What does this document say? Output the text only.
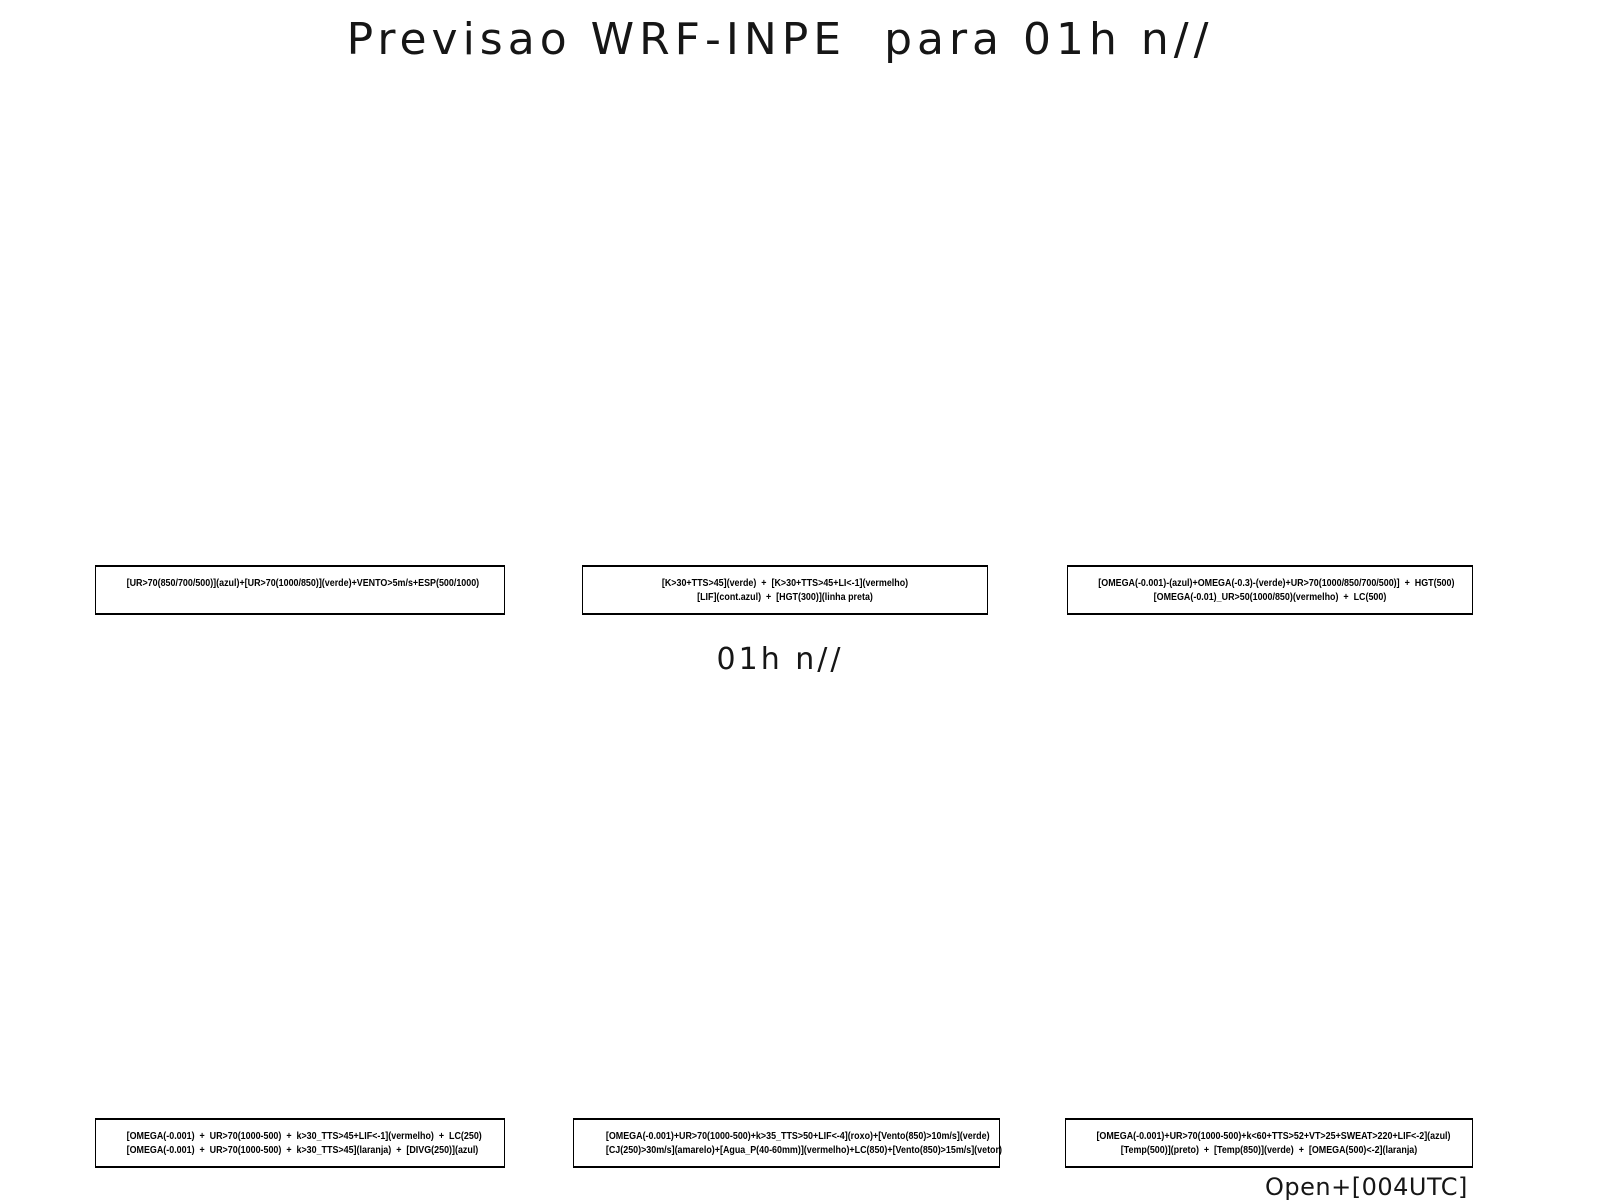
Previsao WRF-INPE  para 01h n//
[UR>70(850/700/500)](azul)+[UR>70(1000/850)](verde)+VENTO>5m/s+ESP(500/1000)	[K>30+TTS>45](verde)  +  [K>30+TTS>45+LI<-1](vermelho)
[LIF](cont.azul)  +  [HGT(300)](linha preta)
[OMEGA(-0.001)-(azul)+OMEGA(-0.3)-(verde)+UR>70(1000/850/700/500)]  +  HGT(500)
[OMEGA(-0.01)_UR>50(1000/850)(vermelho)  +  LC(500)
01h n//
[OMEGA(-0.001)  +  UR>70(1000-500)  +  k>30_TTS>45+LIF<-1](vermelho)  +  LC(250)
[OMEGA(-0.001)  +  UR>70(1000-500)  +  k>30_TTS>45](laranja)  +  [DIVG(250)](azul)
[OMEGA(-0.001)+UR>70(1000-500)+k>35_TTS>50+LIF<-4](roxo)+[Vento(850)>10m/s](verde)
[CJ(250)>30m/s](amarelo)+[Agua_P(40-60mm)](vermelho)+LC(850)+[Vento(850)>15m/s](vetor)
[OMEGA(-0.001)+UR>70(1000-500)+k<60+TTS>52+VT>25+SWEAT>220+LIF<-2](azul)
[Temp(500)](preto)  +  [Temp(850)](verde)  +  [OMEGA(500)<-2](laranja)
Open+[004UTC]
